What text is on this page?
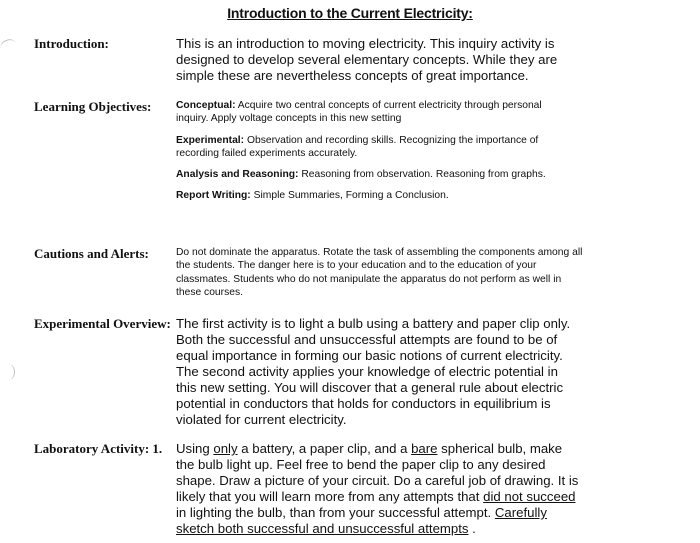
Introduction to the Current Electricity:
Introduction:	This is an introduction to moving electricity. This inquiry activity is designed to develop several elementary concepts. While they are simple these are nevertheless concepts of great importance.
Learning Objectives: Conceptual: Acquire two central concepts of current electricity through personal inquiry. Apply voltage concepts in this new setting
Experimental: Observation and recording skills. Recognizing the importance of recording failed experiments accurately.
Analysis and Reasoning: Reasoning from observation. Reasoning from graphs.
Report Writing: Simple Summaries, Forming a Conclusion.
Cautions and Alerts:	Do not dominate the apparatus. Rotate the task of assembling the components among all the students. The danger here is to your education and to the education of your classmates. Students who do not manipulate the apparatus do not perform as well in these courses.
Experimental Overview: The first activity is to light a bulb using a battery and paper clip only. Both the successful and unsuccessful attempts are found to be of equal importance in forming our basic notions of current electricity. The second activity applies your knowledge of electric potential in this new setting. You will discover that a general rule about electric potential in conductors that holds for conductors in equilibrium is violated for current electricity.
Laboratory Activity: 1. Using only a battery, a paper clip, and a bare spherical bulb, make the bulb light up. Feel free to bend the paper clip to any desired shape. Draw a picture of your circuit. Do a careful job of drawing. It is likely that you will learn more from any attempts that did not succeed in lighting the bulb, than from your successful attempt. Carefully sketch both successful and unsuccessful attempts .
